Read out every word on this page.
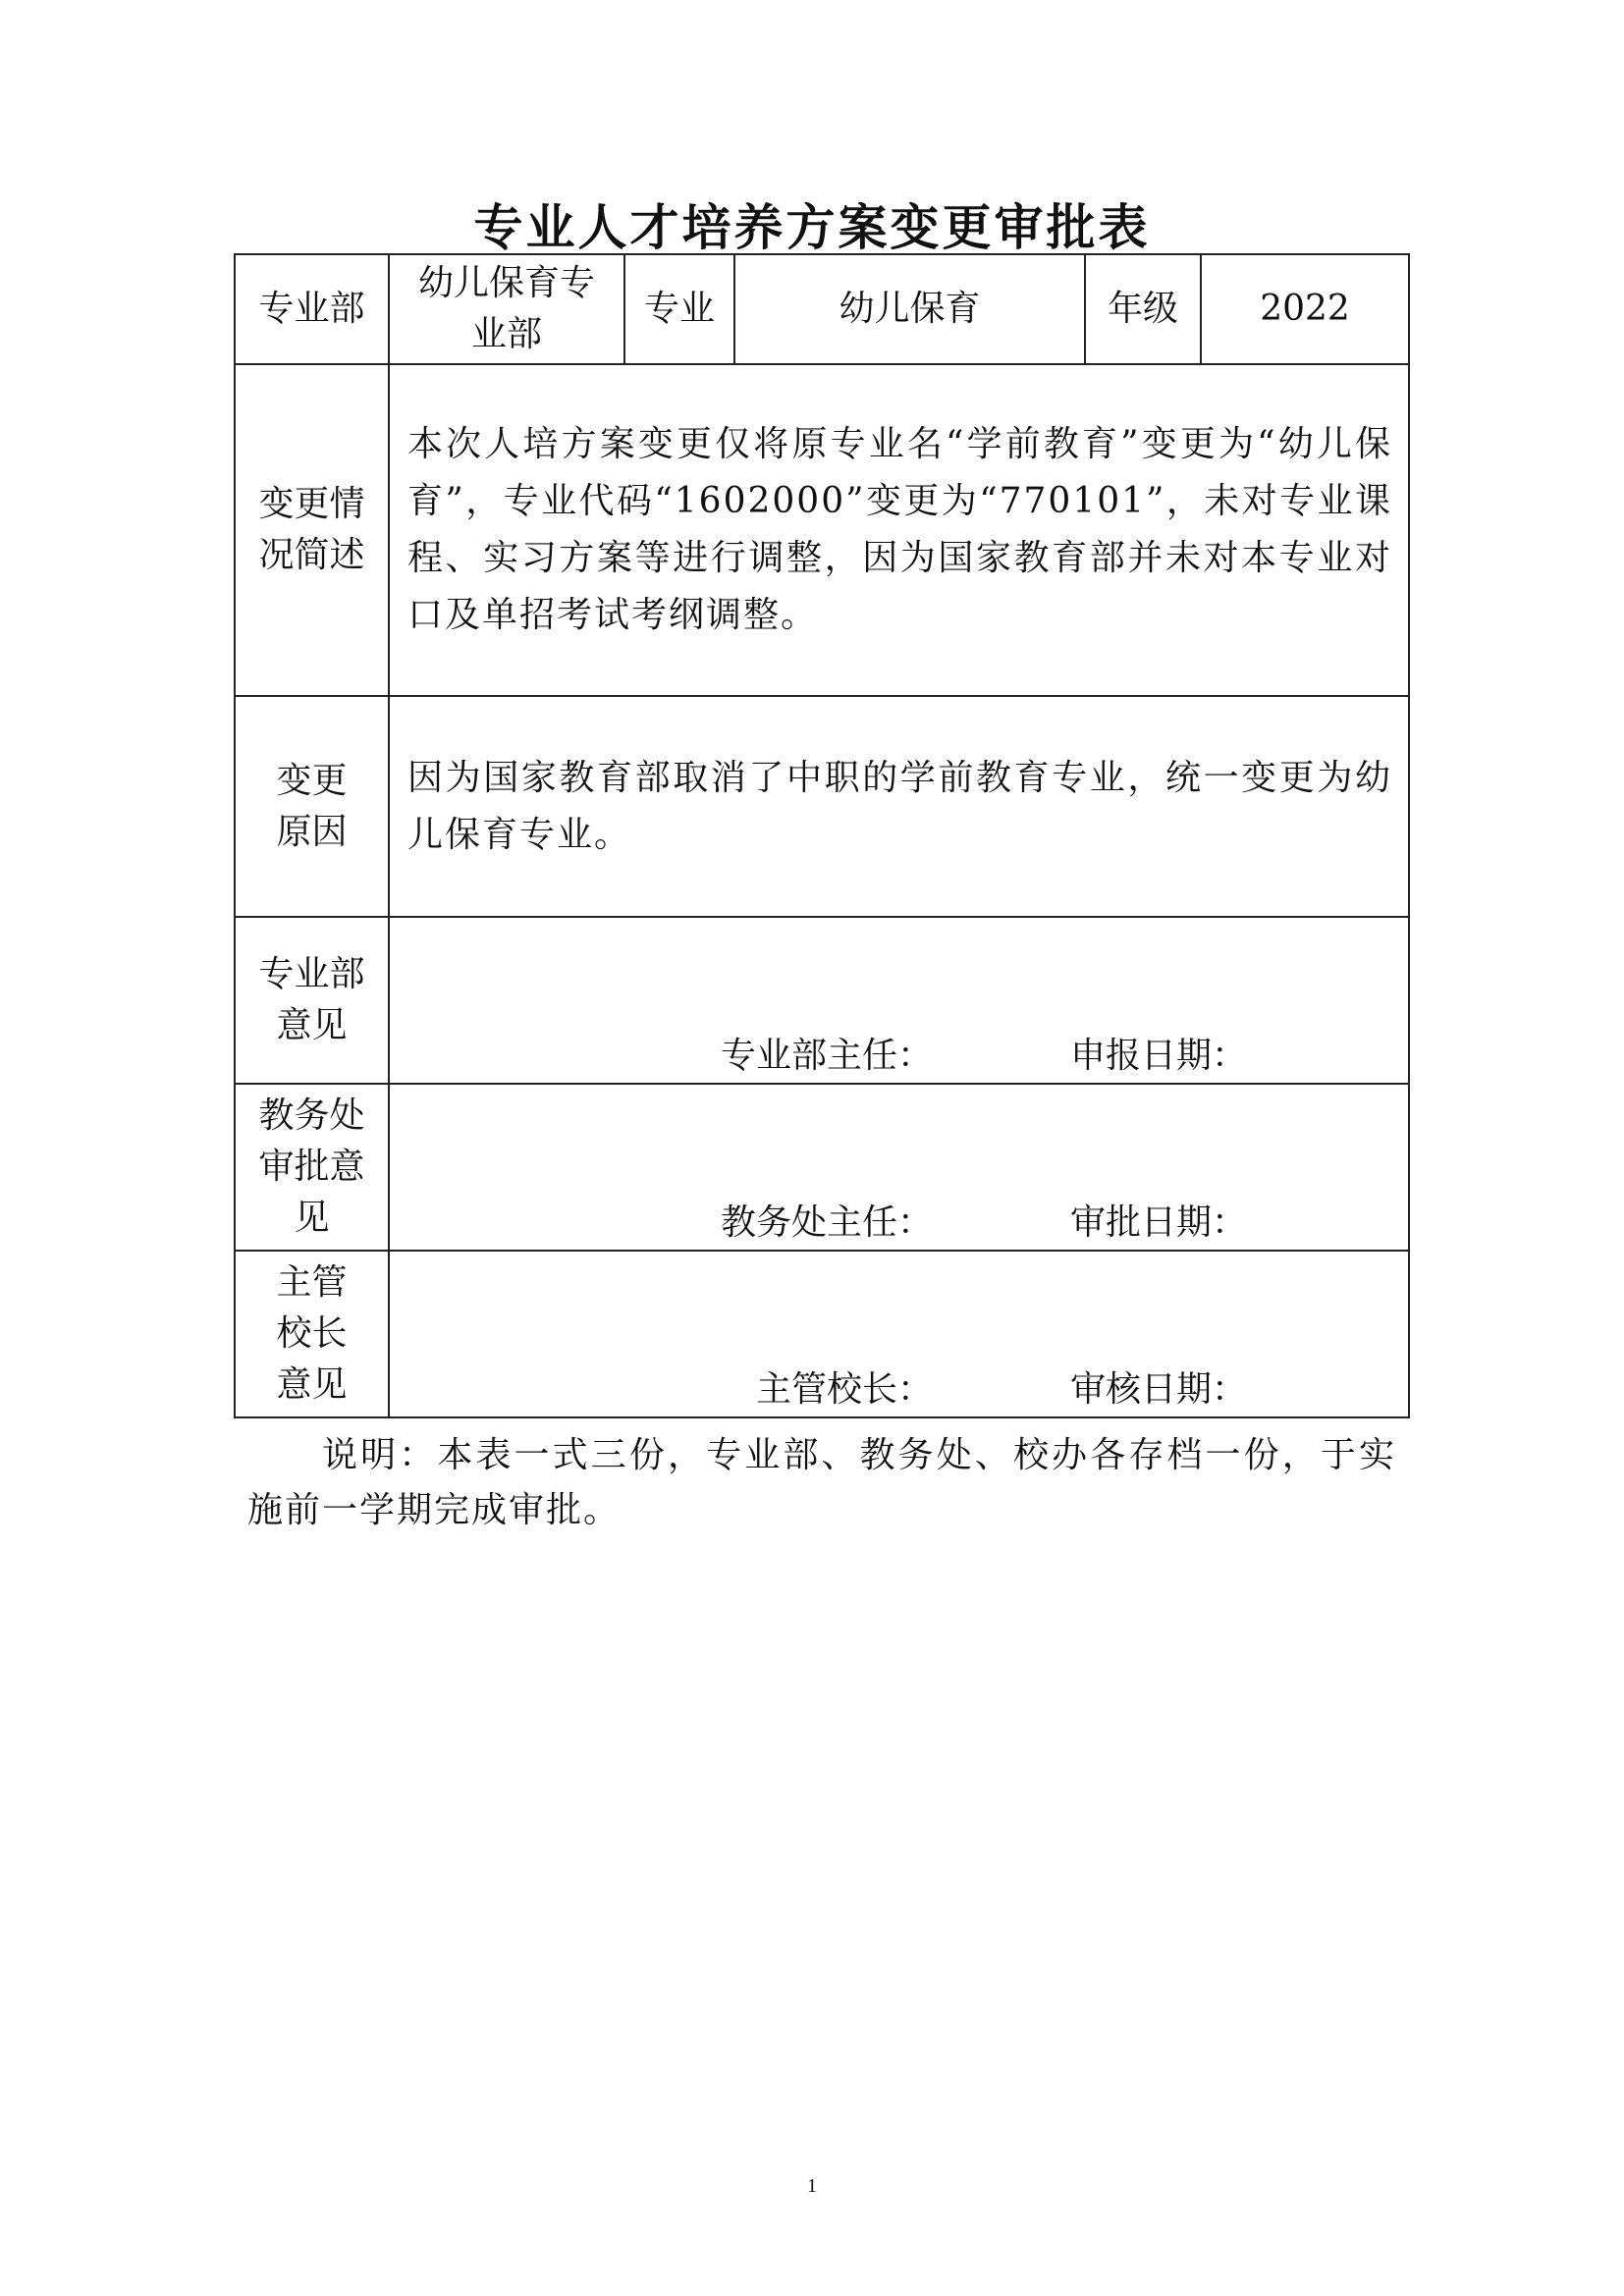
专业人才培养方案变更审批表
专业部	幼儿保育专业部	专业	幼儿保育	年级	2022
变更情况简述	本次人培方案变更仅将原专业名“学前教育”变更为“幼儿保育”，专业代码“1602000”变更为“770101”，未对专业课程、实习方案等进行调整，因为国家教育部并未对本专业对口及单招考试考纲调整。				
变更原因	因为国家教育部取消了中职的学前教育专业，统一变更为幼儿保育专业。				
专业部意见	专业部主任： 申报日期：				

教务处审批意见	教务处主任： 审批日期：				

主管校长意见	主管校长： 审核日期：				
说明：本表一式三份，专业部、教务处、校办各存档一份，于实施前一学期完成审批。
1
